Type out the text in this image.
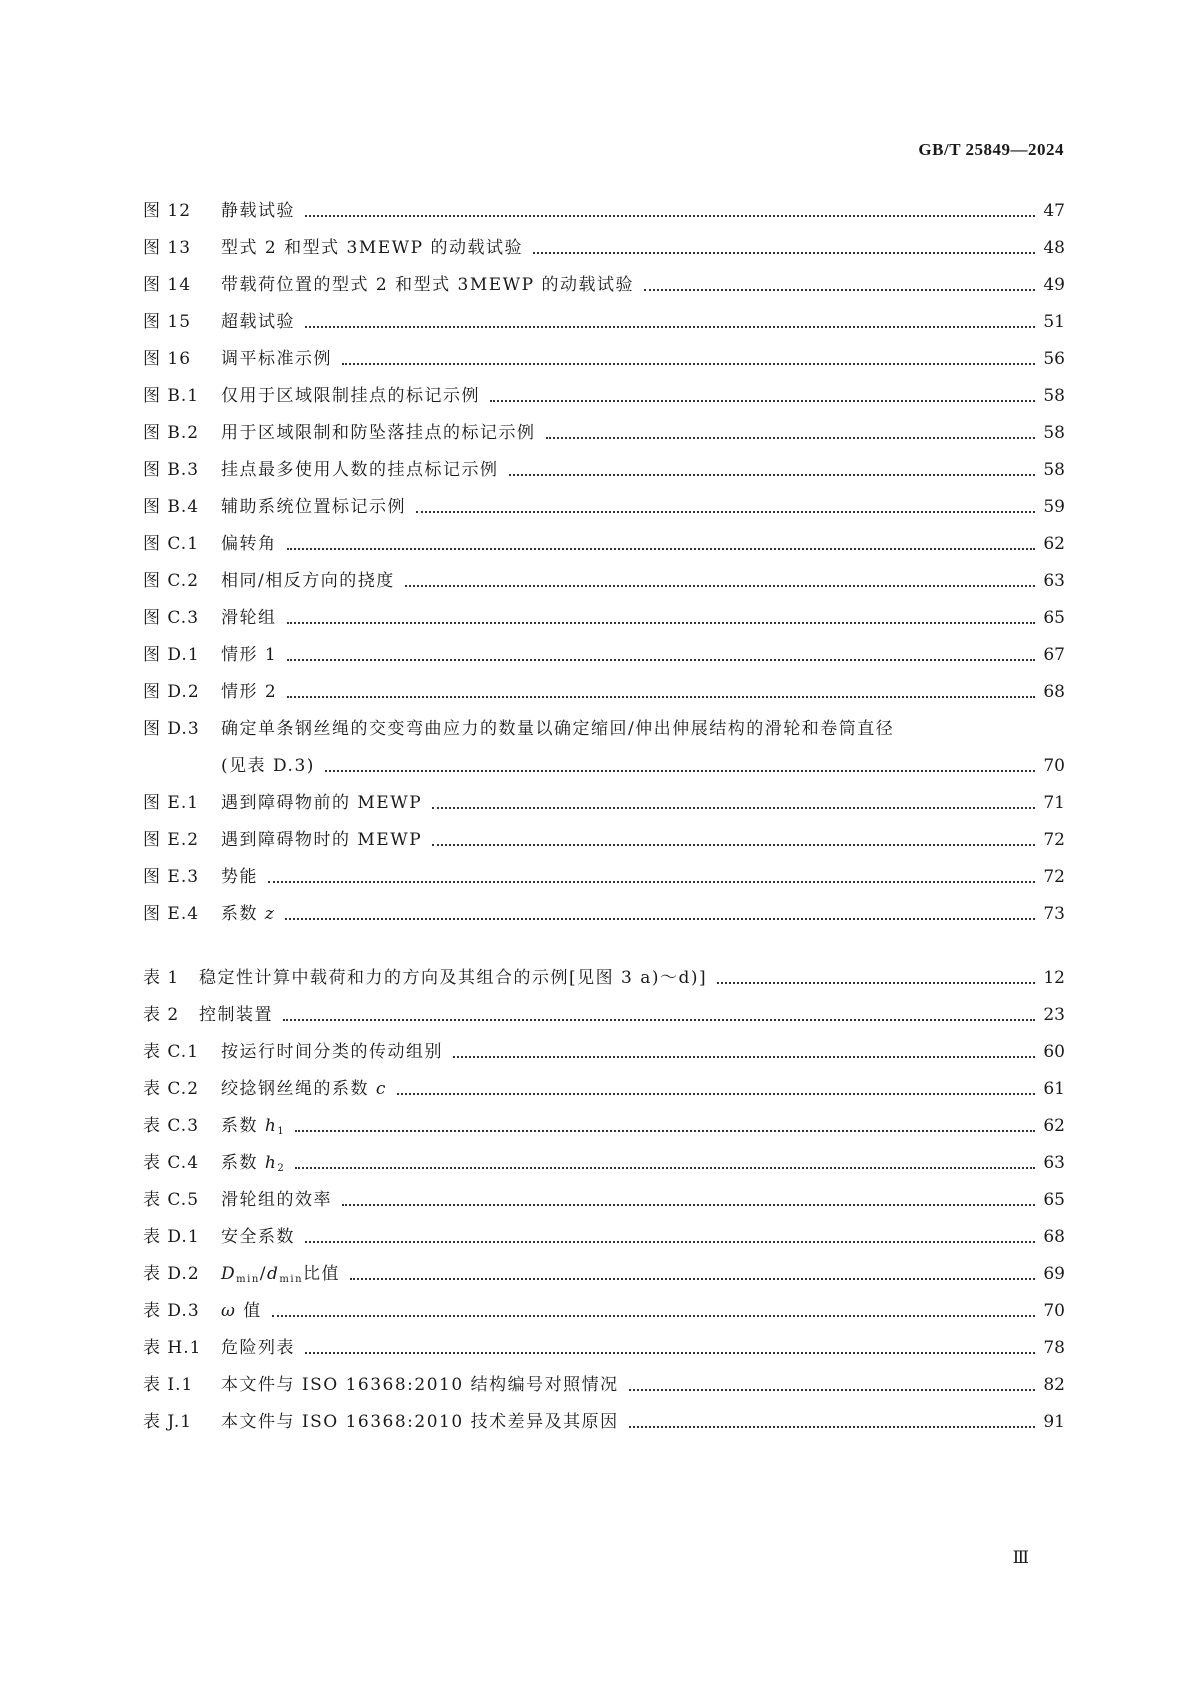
GB/T 25849—2024
图 12	静载试验	47
图 13	型式 2 和型式 3MEWP 的动载试验	48
图 14	带载荷位置的型式 2 和型式 3MEWP 的动载试验	49
图 15	超载试验	51
图 16	调平标准示例	56
图 B.1	仅用于区域限制挂点的标记示例	58
图 B.2	用于区域限制和防坠落挂点的标记示例	58
图 B.3	挂点最多使用人数的挂点标记示例	58
图 B.4	辅助系统位置标记示例	59
图 C.1	偏转角	62
图 C.2	相同/相反方向的挠度	63
图 C.3	滑轮组	65
图 D.1	情形 1	67
图 D.2	情形 2	68
图 D.3	确定单条钢丝绳的交变弯曲应力的数量以确定缩回/伸出伸展结构的滑轮和卷筒直径
(见表 D.3)	70
图 E.1	遇到障碍物前的 MEWP	71
图 E.2	遇到障碍物时的 MEWP	72
图 E.3	势能	72
图 E.4	系数 z	73
表 1	稳定性计算中载荷和力的方向及其组合的示例[见图 3 a)～d)]	12
表 2	控制装置	23
表 C.1	按运行时间分类的传动组别	60
表 C.2	绞捻钢丝绳的系数 c	61
表 C.3	系数 $h_1$	62
表 C.4	系数 $h_2$	63
表 C.5	滑轮组的效率	65
表 D.1	安全系数	68
表 D.2	$D_{min}/d_{min}$比值	69
表 D.3	ω 值	70
表 H.1	危险列表	78
表 I.1	本文件与 ISO 16368:2010 结构编号对照情况	82
表 J.1	本文件与 ISO 16368:2010 技术差异及其原因	91
Ⅲ
